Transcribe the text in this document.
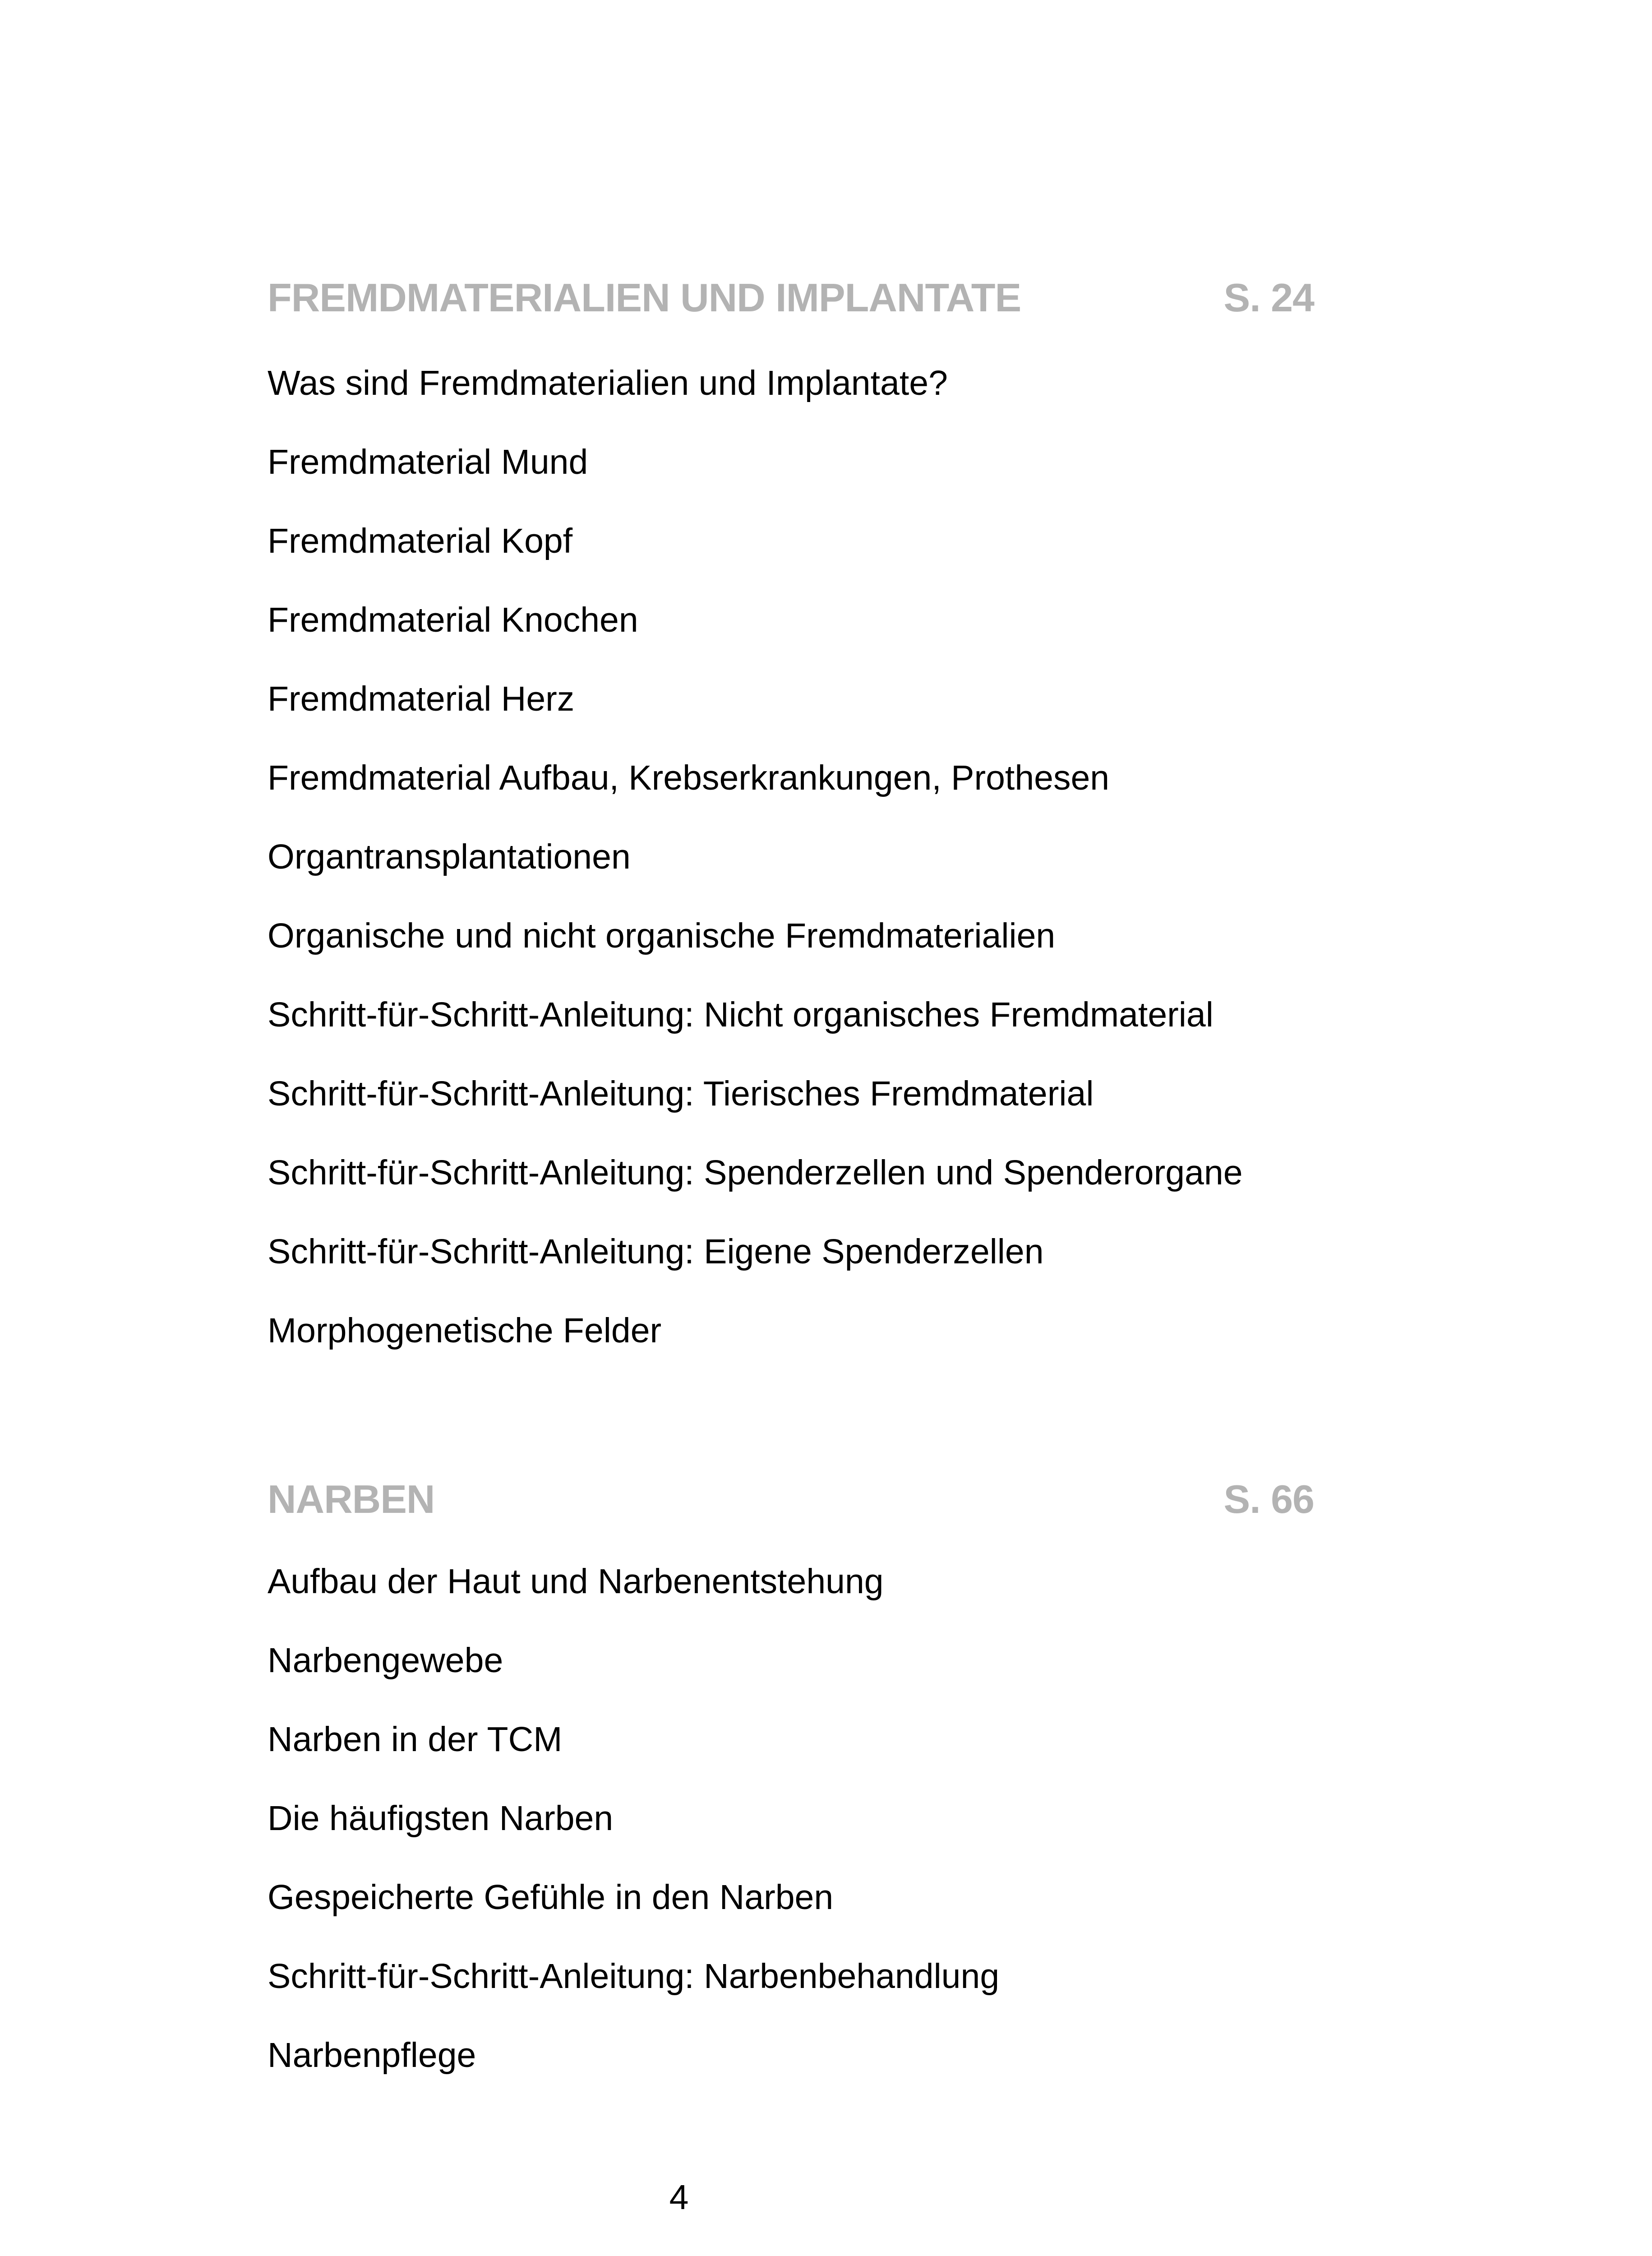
FREMDMATERIALIEN UND IMPLANTATE	S. 24
Was sind Fremdmaterialien und Implantate?
Fremdmaterial Mund
Fremdmaterial Kopf
Fremdmaterial Knochen
Fremdmaterial Herz
Fremdmaterial Aufbau, Krebserkrankungen, Prothesen
Organtransplantationen
Organische und nicht organische Fremdmaterialien
Schritt-für-Schritt-Anleitung: Nicht organisches Fremdmaterial
Schritt-für-Schritt-Anleitung: Tierisches Fremdmaterial
Schritt-für-Schritt-Anleitung: Spenderzellen und Spenderorgane
Schritt-für-Schritt-Anleitung: Eigene Spenderzellen
Morphogenetische Felder
NARBEN	S. 66
Aufbau der Haut und Narbenentstehung
Narbengewebe
Narben in der TCM
Die häufigsten Narben
Gespeicherte Gefühle in den Narben
Schritt-für-Schritt-Anleitung: Narbenbehandlung
Narbenpflege
4
